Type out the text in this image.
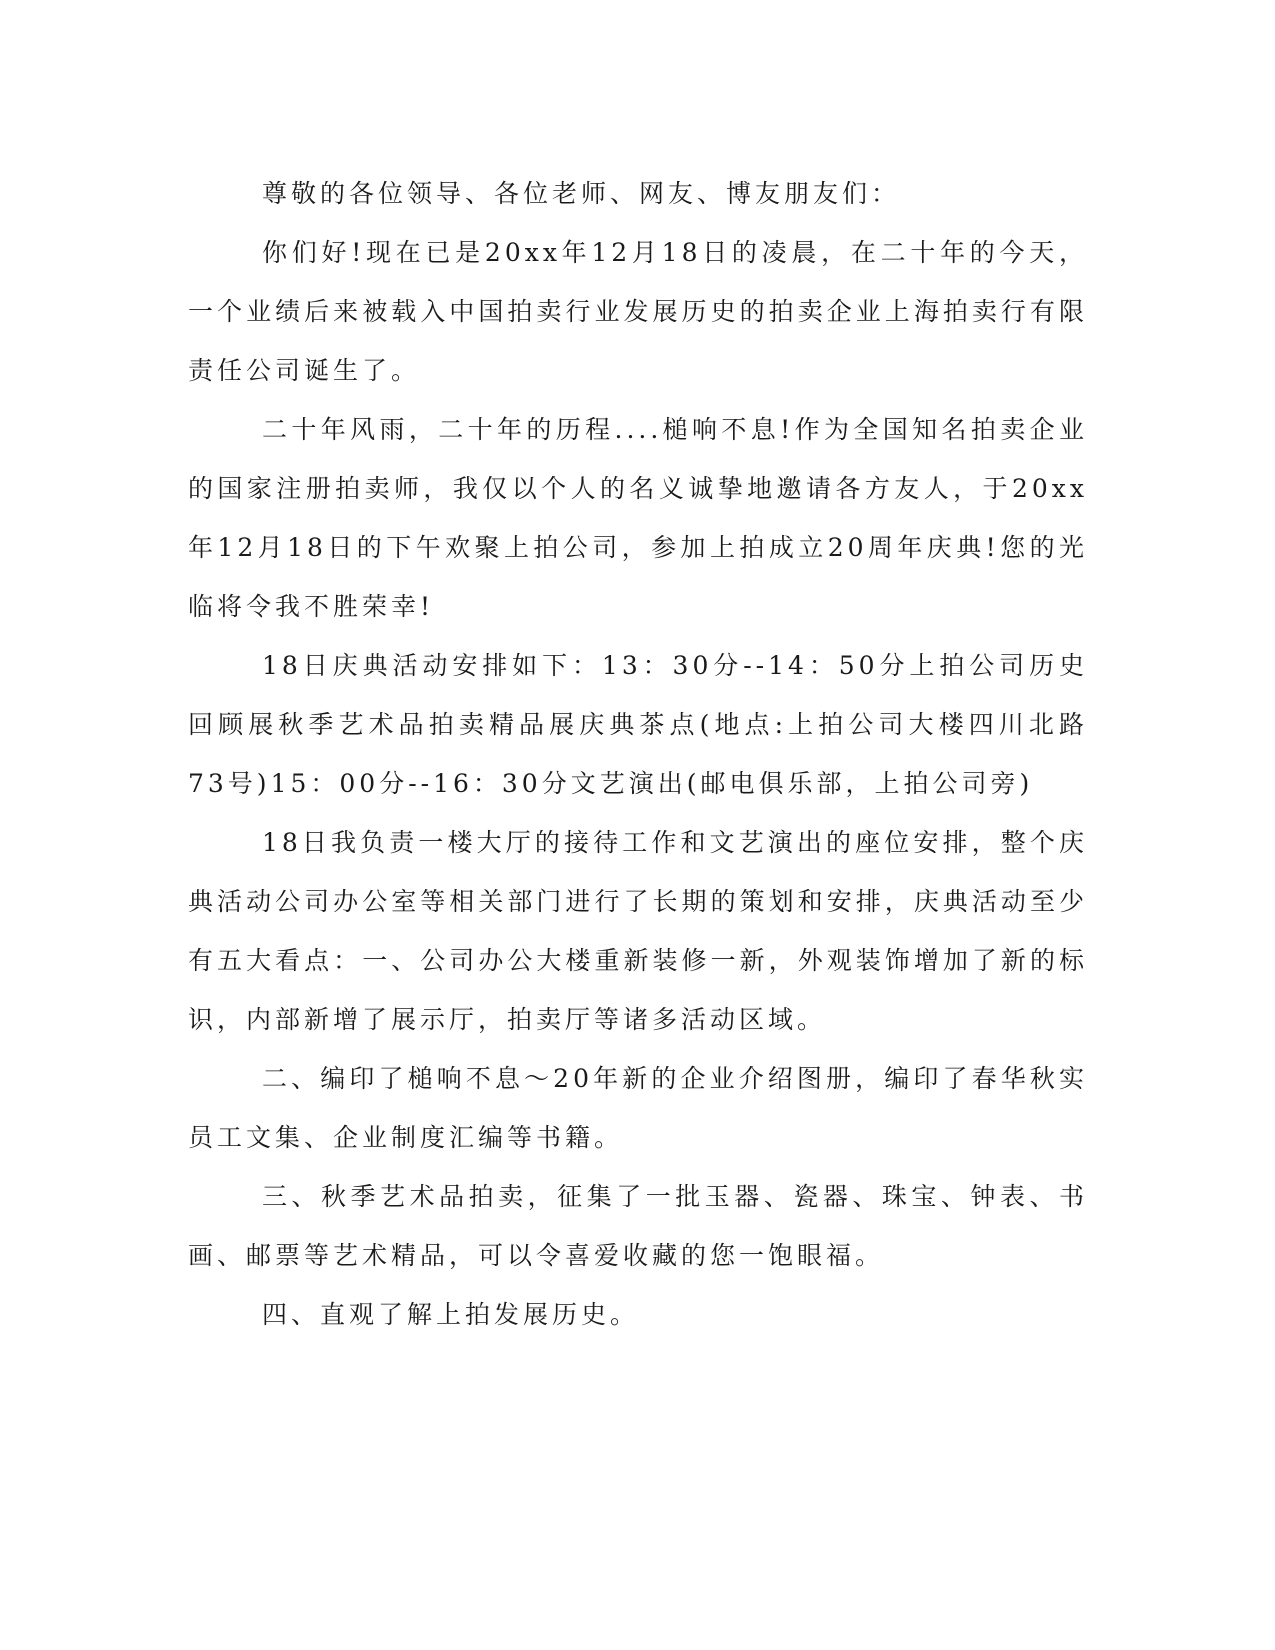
尊敬的各位领导、各位老师、网友、博友朋友们：

你们好!现在已是20xx年12月18日的凌晨，在二十年的今天，一个业绩后来被载入中国拍卖行业发展历史的拍卖企业上海拍卖行有限责任公司诞生了。

二十年风雨，二十年的历程....槌响不息!作为全国知名拍卖企业的国家注册拍卖师，我仅以个人的名义诚挚地邀请各方友人，于20xx年12月18日的下午欢聚上拍公司，参加上拍成立20周年庆典!您的光临将令我不胜荣幸!

18日庆典活动安排如下：13：30分--14：50分上拍公司历史回顾展秋季艺术品拍卖精品展庆典茶点(地点:上拍公司大楼四川北路73号)15：00分--16：30分文艺演出(邮电俱乐部，上拍公司旁)

18日我负责一楼大厅的接待工作和文艺演出的座位安排，整个庆典活动公司办公室等相关部门进行了长期的策划和安排，庆典活动至少有五大看点：一、公司办公大楼重新装修一新，外观装饰增加了新的标识，内部新增了展示厅，拍卖厅等诸多活动区域。

二、编印了槌响不息～20年新的企业介绍图册，编印了春华秋实员工文集、企业制度汇编等书籍。

三、秋季艺术品拍卖，征集了一批玉器、瓷器、珠宝、钟表、书画、邮票等艺术精品，可以令喜爱收藏的您一饱眼福。

四、直观了解上拍发展历史。
